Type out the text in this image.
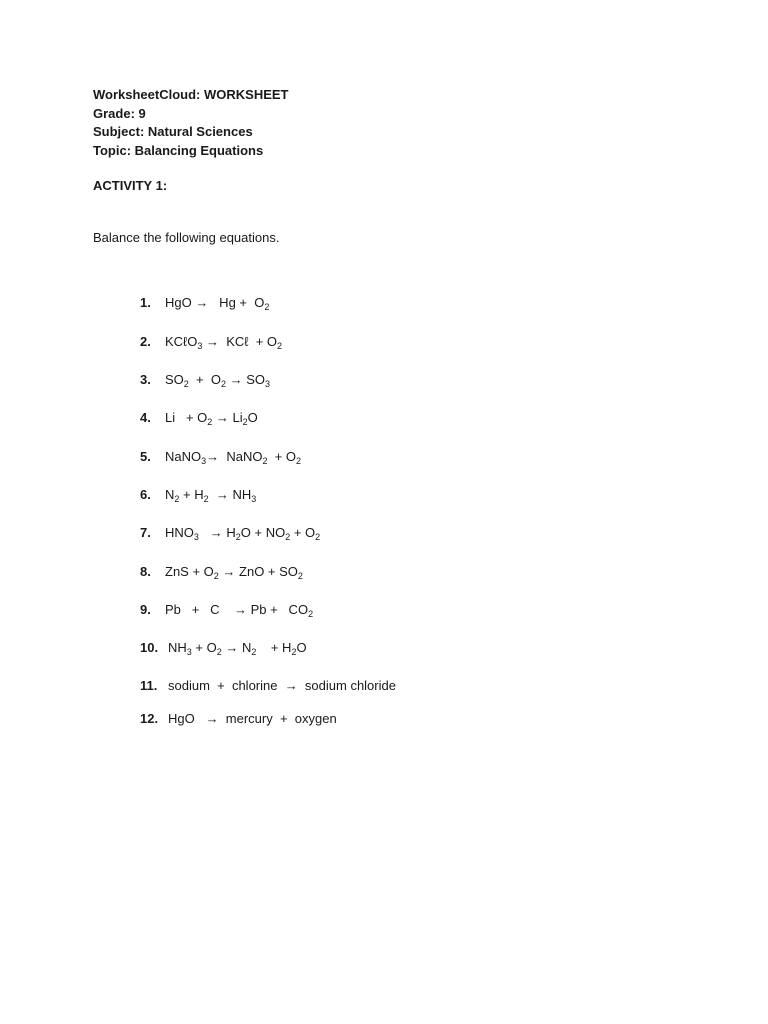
WorksheetCloud: WORKSHEET
Grade: 9
Subject: Natural Sciences
Topic: Balancing Equations
ACTIVITY 1:
Balance the following equations.
1. HgO →   $Hg + O_2$
2. KCℓO$_3$ →  KCℓ  + $O_2$
3. $SO_2 + O_2 \to SO_3$
4. $Li + O_2 \to Li_2O$
5. NaNO$_3$→  NaNO$_2$  + $O_2$
6. $N_2 + H_2 \to NH_3$
7. $HNO_3 \to H_2O + NO_2 + O_2$
8. ZnS + $O_2$ → ZnO + $SO_2$
9. Pb   +   C    → $Pb + CO_2$
10. $NH_3 + O_2 \to N_2$    + $H_2O$
11. sodium  +  chlorine  →  sodium chloride
12. HgO   →  mercury  +  oxygen
